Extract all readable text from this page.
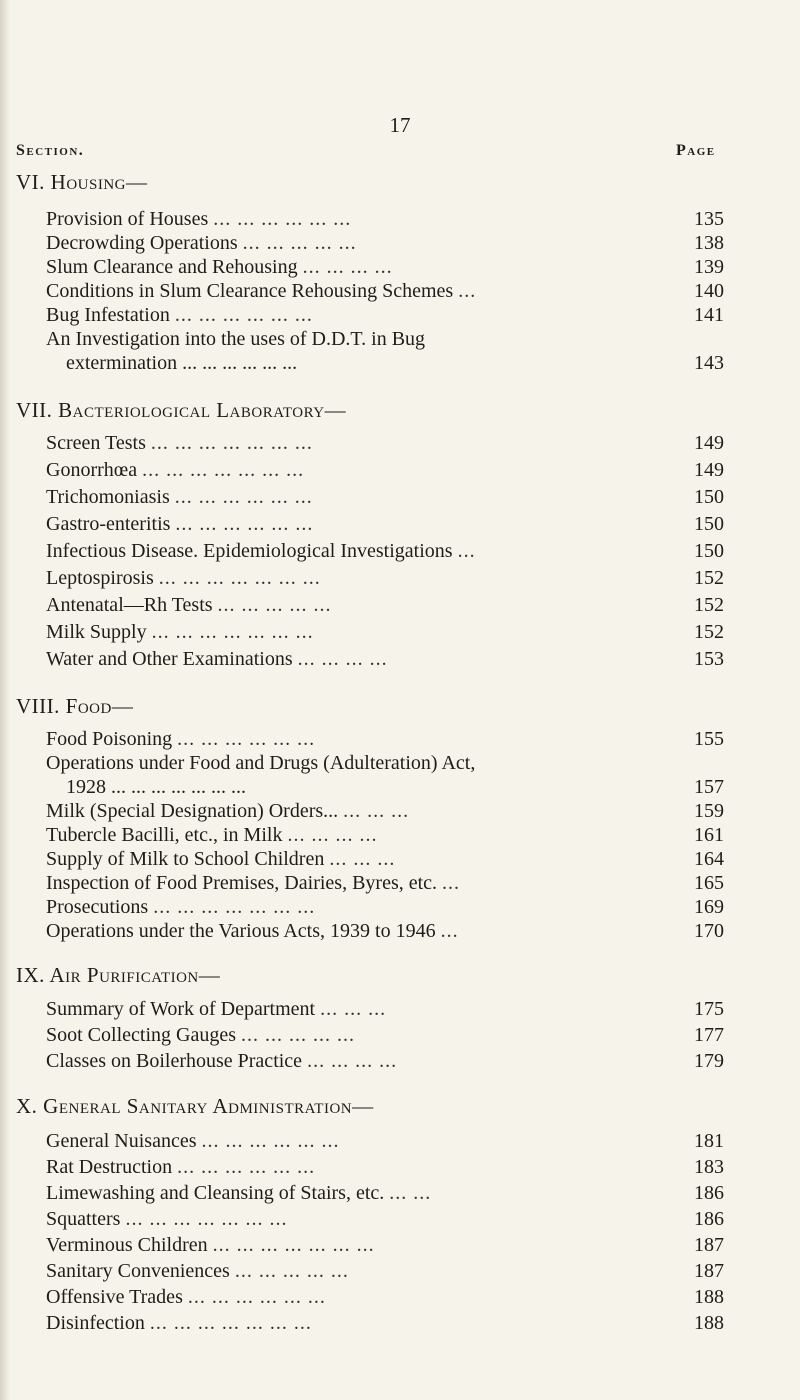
17
Section.	Page
VI. Housing—
Provision of Houses ... ... ... ... ... ...	135
Decrowding Operations ... ... ... ... ...	138
Slum Clearance and Rehousing ... ... ... ...	139
Conditions in Slum Clearance Rehousing Schemes ...	140
Bug Infestation ... ... ... ... ... ...	141
An Investigation into the uses of D.D.T. in Bug
extermination ... ... ... ... ... ...	143
VII. Bacteriological Laboratory—
Screen Tests ... ... ... ... ... ... ...	149
Gonorrhœa ... ... ... ... ... ... ...	149
Trichomoniasis ... ... ... ... ... ...	150
Gastro-enteritis ... ... ... ... ... ...	150
Infectious Disease. Epidemiological Investigations ...	150
Leptospirosis ... ... ... ... ... ... ...	152
Antenatal—Rh Tests ... ... ... ... ...	152
Milk Supply ... ... ... ... ... ... ...	152
Water and Other Examinations ... ... ... ...	153
VIII. Food—
Food Poisoning ... ... ... ... ... ...	155
Operations under Food and Drugs (Adulteration) Act,
1928 ... ... ... ... ... ... ...	157
Milk (Special Designation) Orders... ... ... ...	159
Tubercle Bacilli, etc., in Milk ... ... ... ...	161
Supply of Milk to School Children ... ... ...	164
Inspection of Food Premises, Dairies, Byres, etc. ...	165
Prosecutions ... ... ... ... ... ... ...	169
Operations under the Various Acts, 1939 to 1946 ...	170
IX. Air Purification—
Summary of Work of Department ... ... ...	175
Soot Collecting Gauges ... ... ... ... ...	177
Classes on Boilerhouse Practice ... ... ... ...	179
X. General Sanitary Administration—
General Nuisances ... ... ... ... ... ...	181
Rat Destruction ... ... ... ... ... ...	183
Limewashing and Cleansing of Stairs, etc. ... ...	186
Squatters ... ... ... ... ... ... ...	186
Verminous Children ... ... ... ... ... ... ...	187
Sanitary Conveniences ... ... ... ... ...	187
Offensive Trades ... ... ... ... ... ...	188
Disinfection ... ... ... ... ... ... ...	188
